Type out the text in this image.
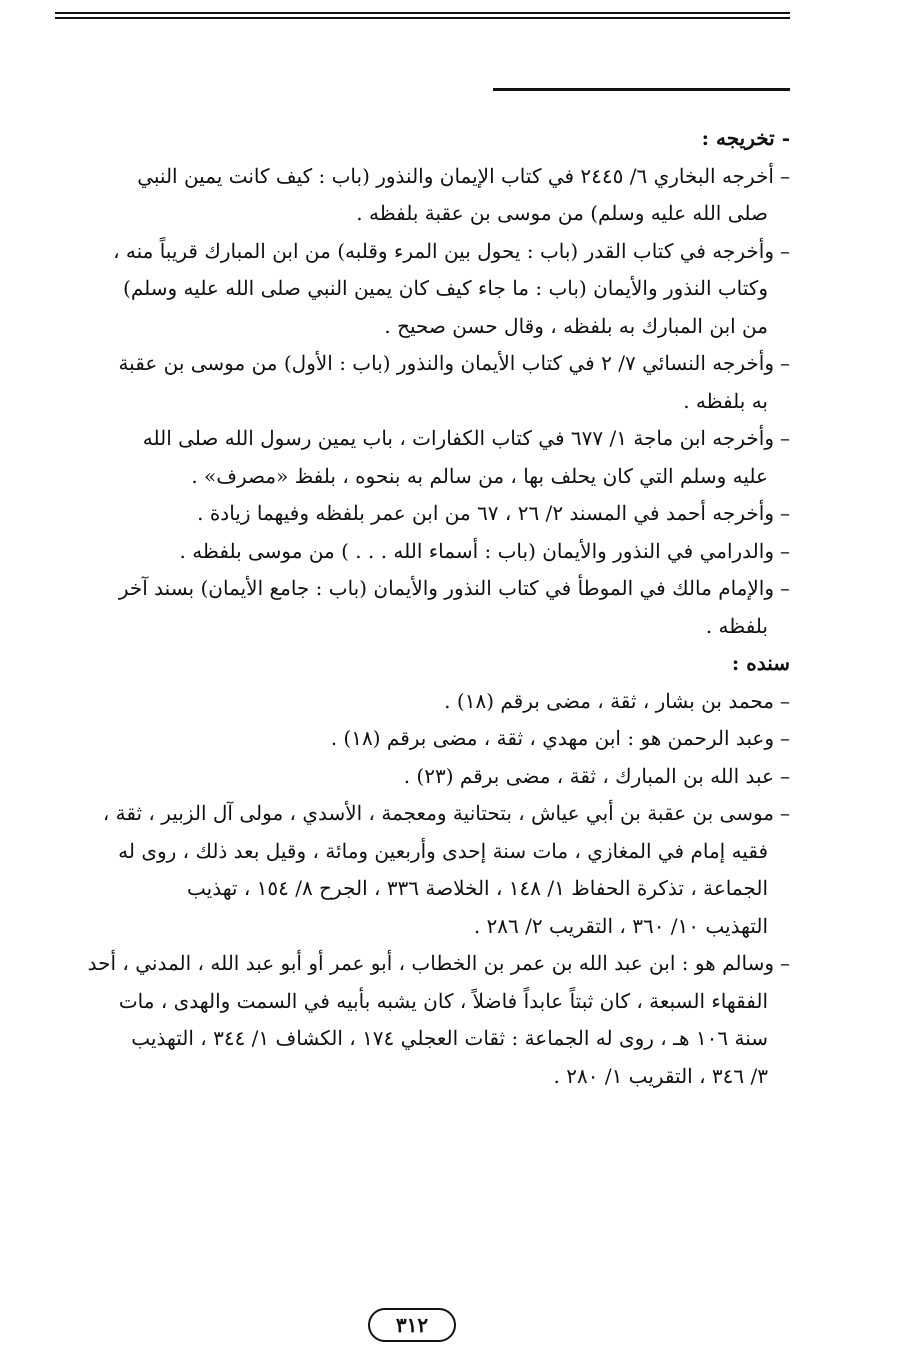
- تخريجه :
–أخرجه البخاري ٦/ ٢٤٤٥ في كتاب الإيمان والنذور (باب : كيف كانت يمين النبي
صلى الله عليه وسلم) من موسى بن عقبة بلفظه .
–وأخرجه في كتاب القدر (باب : يحول بين المرء وقلبه) من ابن المبارك قريباً منه ،
وكتاب النذور والأيمان (باب : ما جاء كيف كان يمين النبي صلى الله عليه وسلم)
من ابن المبارك به بلفظه ، وقال حسن صحيح .
–وأخرجه النسائي ٧/ ٢ في كتاب الأيمان والنذور (باب : الأول) من موسى بن عقبة
به بلفظه .
–وأخرجه ابن ماجة ١/ ٦٧٧ في كتاب الكفارات ، باب يمين رسول الله صلى الله
عليه وسلم التي كان يحلف بها ، من سالم به بنحوه ، بلفظ «مصرف» .
–وأخرجه أحمد في المسند ٢/ ٢٦ ، ٦٧ من ابن عمر بلفظه وفيهما زيادة .
–والدرامي في النذور والأيمان (باب : أسماء الله . . . ) من موسى بلفظه .
–والإمام مالك في الموطأ في كتاب النذور والأيمان (باب : جامع الأيمان) بسند آخر
بلفظه .
سنده :
–محمد بن بشار ، ثقة ، مضى برقم (١٨) .
–وعبد الرحمن هو : ابن مهدي ، ثقة ، مضى برقم (١٨) .
–عبد الله بن المبارك ، ثقة ، مضى برقم (٢٣) .
–موسى بن عقبة بن أبي عياش ، بتحتانية ومعجمة ، الأسدي ، مولى آل الزبير ، ثقة ،
فقيه إمام في المغازي ، مات سنة إحدى وأربعين ومائة ، وقيل بعد ذلك ، روى له
الجماعة ، تذكرة الحفاظ ١/ ١٤٨ ، الخلاصة ٣٣٦ ، الجرح ٨/ ١٥٤ ، تهذيب
التهذيب ١٠/ ٣٦٠ ، التقريب ٢/ ٢٨٦ .
–وسالم هو : ابن عبد الله بن عمر بن الخطاب ، أبو عمر أو أبو عبد الله ، المدني ، أحد
الفقهاء السبعة ، كان ثبتاً عابداً فاضلاً ، كان يشبه بأبيه في السمت والهدى ، مات
سنة ١٠٦ هـ ، روى له الجماعة : ثقات العجلي ١٧٤ ، الكشاف ١/ ٣٤٤ ، التهذيب
٣/ ٣٤٦ ، التقريب ١/ ٢٨٠ .
٣١٢
